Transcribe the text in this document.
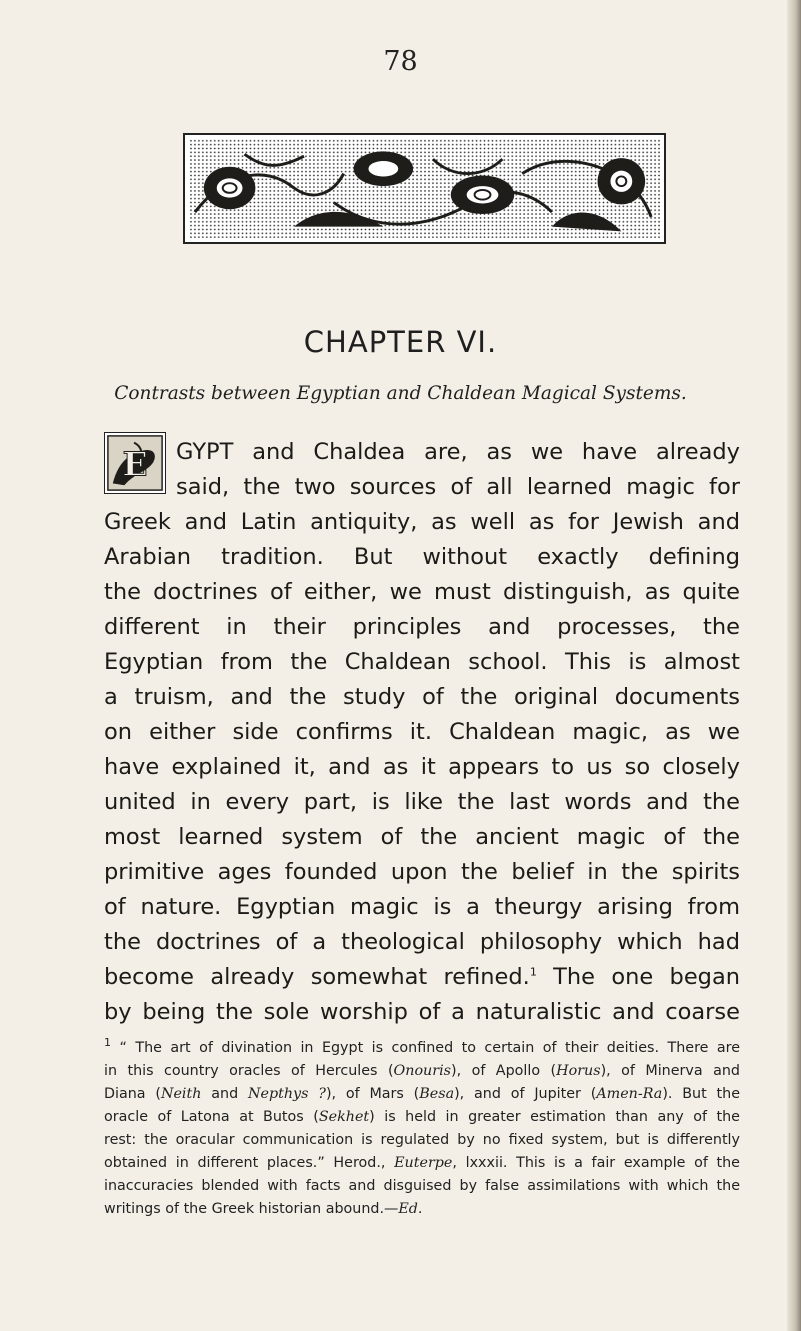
78
CHAPTER VI.
Contrasts between Egyptian and Chaldean Magical Systems.
E GYPT and Chaldea are, as we have already
said, the two sources of all learned magic for
Greek and Latin antiquity, as well as for Jewish and
Arabian tradition. But without exactly defining
the doctrines of either, we must distinguish, as quite
different in their principles and processes, the
Egyptian from the Chaldean school. This is almost
a truism, and the study of the original documents
on either side confirms it. Chaldean magic, as we
have explained it, and as it appears to us so closely
united in every part, is like the last words and the
most learned system of the ancient magic of the
primitive ages founded upon the belief in the spirits
of nature. Egyptian magic is a theurgy arising from
the doctrines of a theological philosophy which had
become already somewhat refined.$^1$ The one began
by being the sole worship of a naturalistic and coarse
$^1$ “ The art of divination in Egypt is confined to certain of their deities. There are
in this country oracles of Hercules (Onouris), of Apollo (Horus), of Minerva and
Diana (Neith and Nepthys ?), of Mars (Besa), and of Jupiter (Amen-Ra). But the
oracle of Latona at Butos (Sekhet) is held in greater estimation than any of the
rest: the oracular communication is regulated by no fixed system, but is differently
obtained in different places.” Herod., Euterpe, lxxxii. This is a fair example of the
inaccuracies blended with facts and disguised by false assimilations with which the
writings of the Greek historian abound.—Ed.
